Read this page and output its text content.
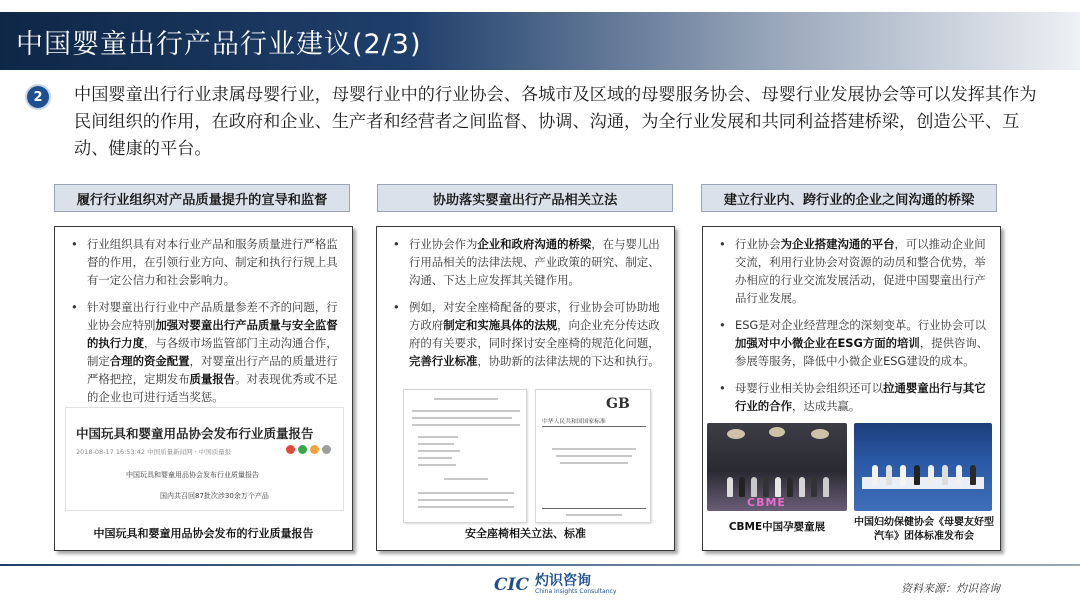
中国婴童出行产品行业建议(2/3)
2	中国婴童出行行业隶属母婴行业，母婴行业中的行业协会、各城市及区域的母婴服务协会、母婴行业发展协会等可以发挥其作为民间组织的作用，在政府和企业、生产者和经营者之间监督、协调、沟通，为全行业发展和共同利益搭建桥梁，创造公平、互动、健康的平台。
履行行业组织对产品质量提升的宣导和监督
• 行业组织具有对本行业产品和服务质量进行严格监督的作用，在引领行业方向、制定和执行行规上具有一定公信力和社会影响力。
• 针对婴童出行行业中产品质量参差不齐的问题，行业协会应特别加强对婴童出行产品质量与安全监督的执行力度，与各级市场监管部门主动沟通合作，制定合理的资金配置，对婴童出行产品的质量进行严格把控，定期发布质量报告。对表现优秀或不足的企业也可进行适当奖惩。
中国玩具和婴童用品协会发布行业质量报告
2018-08-17 16:53:42 中国质量新闻网 · 中国质量报
中国玩具和婴童用品协会发布行业质量报告
国内共召回87批次涉30余万个产品
中国玩具和婴童用品协会发布的行业质量报告
协助落实婴童出行产品相关立法
• 行业协会作为企业和政府沟通的桥梁，在与婴儿出行用品相关的法律法规、产业政策的研究、制定、沟通、下达上应发挥其关键作用。
• 例如，对安全座椅配备的要求，行业协会可协助地方政府制定和实施具体的法规，向企业充分传达政府的有关要求，同时探讨安全座椅的规范化问题，完善行业标准，协助新的法律法规的下达和执行。
GB
中华人民共和国国家标准
安全座椅相关立法、标准
建立行业内、跨行业的企业之间沟通的桥梁
• 行业协会为企业搭建沟通的平台，可以推动企业间交流，利用行业协会对资源的动员和整合优势，举办相应的行业交流发展活动，促进中国婴童出行产品行业发展。
• ESG是对企业经营理念的深刻变革。行业协会可以加强对中小微企业在ESG方面的培训，提供咨询、参展等服务，降低中小微企业ESG建设的成本。
• 母婴行业相关协会组织还可以拉通婴童出行与其它行业的合作，达成共赢。
CBME
CBME中国孕婴童展	中国妇幼保健协会《母婴友好型汽车》团体标准发布会
CIC 灼识咨询
China Insights Consultancy	资料来源：灼识咨询
